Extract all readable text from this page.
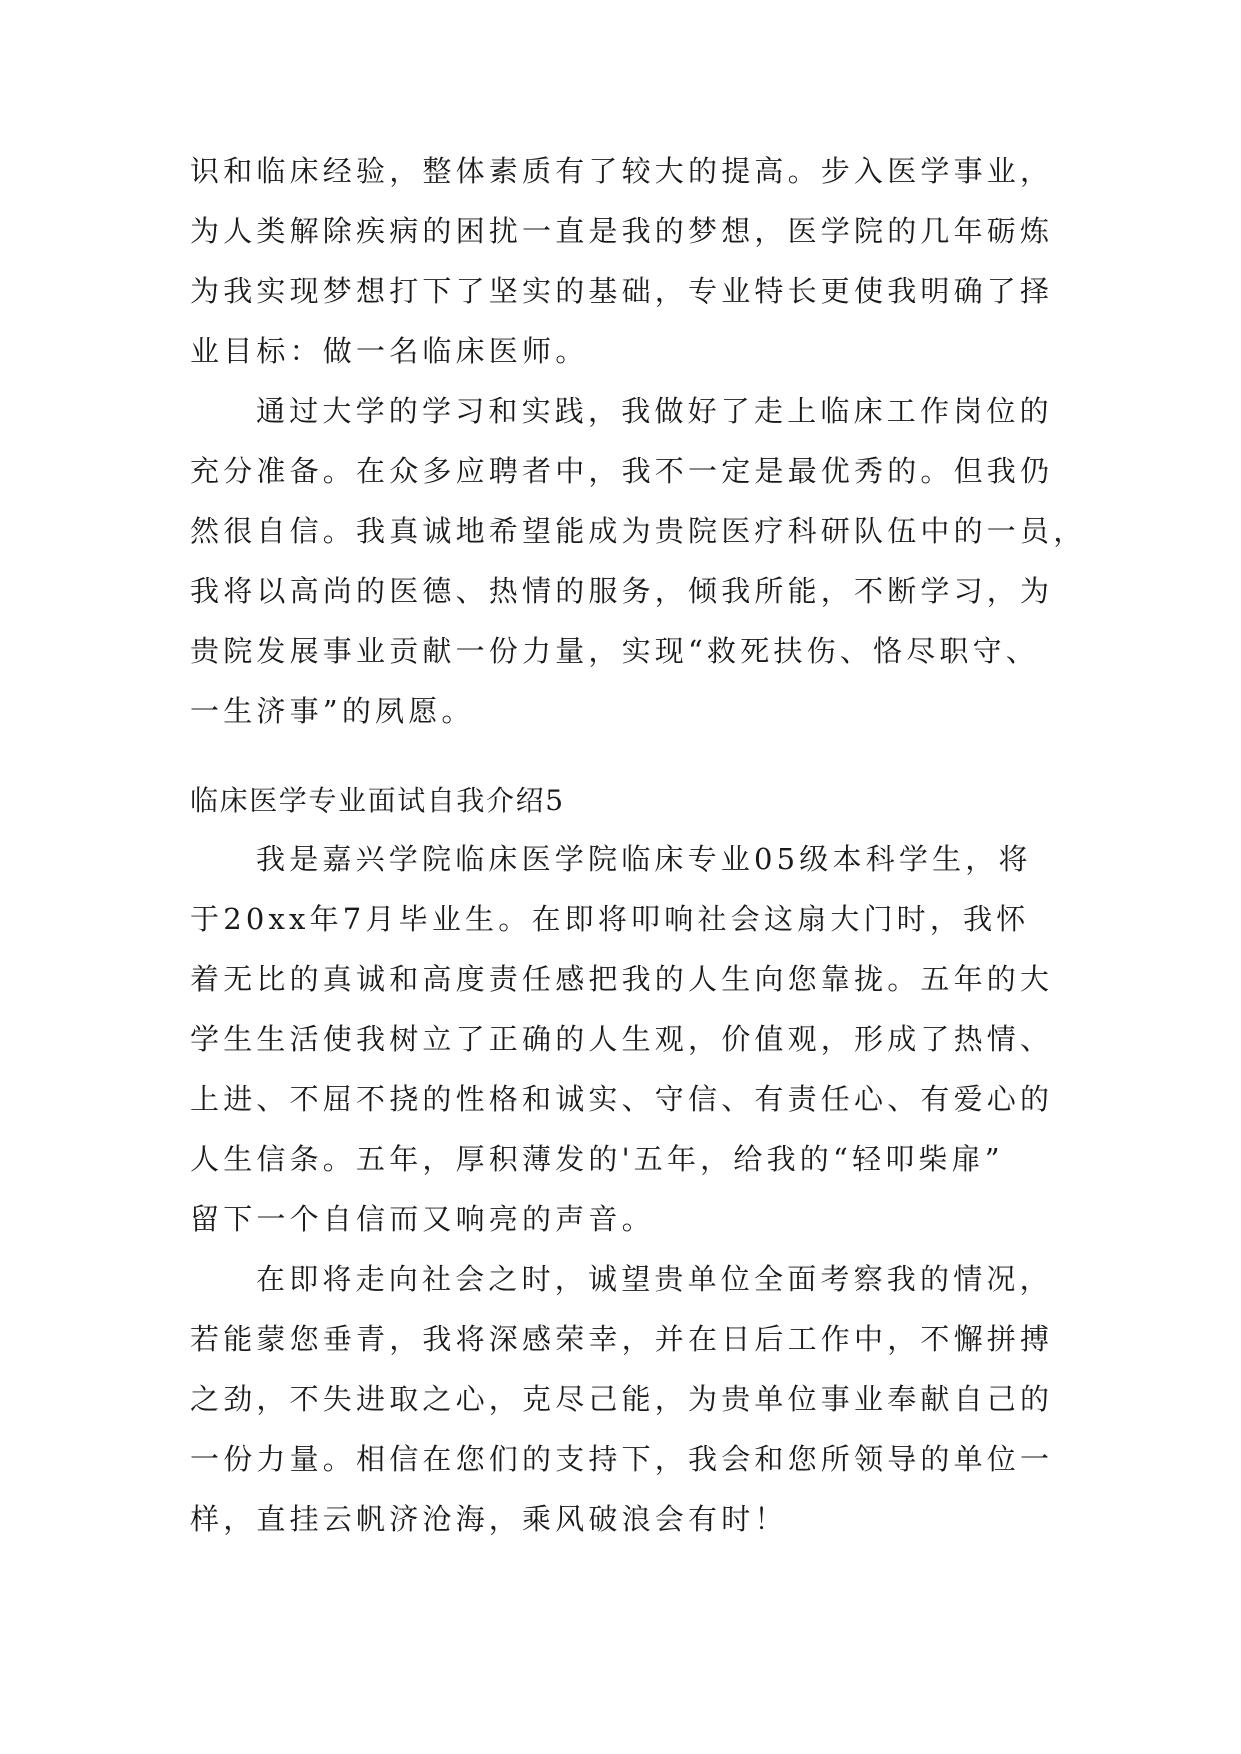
识和临床经验，整体素质有了较大的提高。步入医学事业，

为人类解除疾病的困扰一直是我的梦想，医学院的几年砺炼

为我实现梦想打下了坚实的基础，专业特长更使我明确了择

业目标：做一名临床医师。

通过大学的学习和实践，我做好了走上临床工作岗位的

充分准备。在众多应聘者中，我不一定是最优秀的。但我仍

然很自信。我真诚地希望能成为贵院医疗科研队伍中的一员，

我将以高尚的医德、热情的服务，倾我所能，不断学习，为

贵院发展事业贡献一份力量，实现“救死扶伤、恪尽职守、

一生济事”的夙愿。

临床医学专业面试自我介绍5

我是嘉兴学院临床医学院临床专业05级本科学生，将

于20xx年7月毕业生。在即将叩响社会这扇大门时，我怀

着无比的真诚和高度责任感把我的人生向您靠拢。五年的大

学生生活使我树立了正确的人生观，价值观，形成了热情、

上进、不屈不挠的性格和诚实、守信、有责任心、有爱心的

人生信条。五年，厚积薄发的'五年，给我的“轻叩柴扉”

留下一个自信而又响亮的声音。

在即将走向社会之时，诚望贵单位全面考察我的情况，

若能蒙您垂青，我将深感荣幸，并在日后工作中，不懈拼搏

之劲，不失进取之心，克尽己能，为贵单位事业奉献自己的

一份力量。相信在您们的支持下，我会和您所领导的单位一

样，直挂云帆济沧海，乘风破浪会有时！
